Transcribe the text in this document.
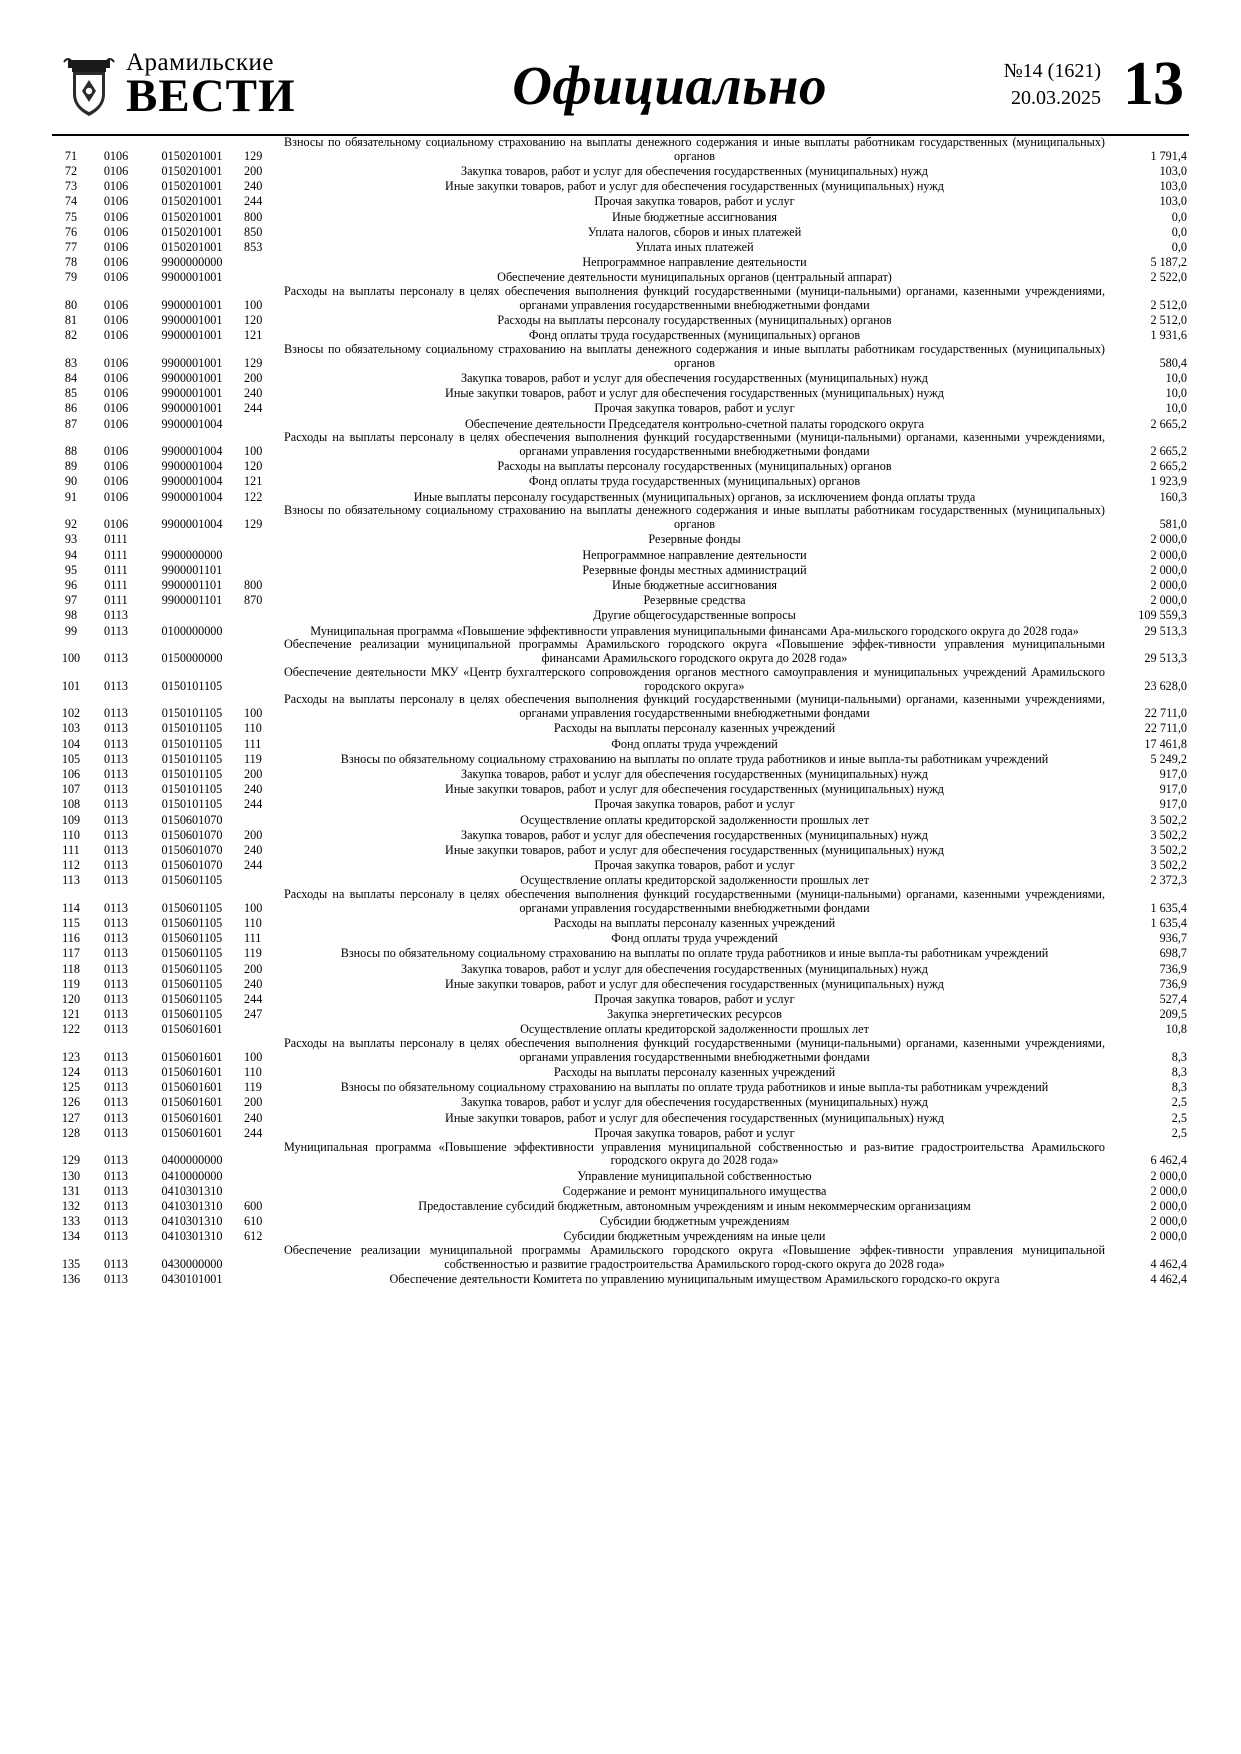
Арамильские
ВЕСТИ	Официально	№14 (1621)
20.03.2025 13
71	0106	0150201001	129	Взносы по обязательному социальному страхованию на выплаты денежного содержания и иные выплаты работникам государственных (муниципальных) органов	1 791,4
72	0106	0150201001	200	Закупка товаров, работ и услуг для обеспечения государственных (муниципальных) нужд	103,0
73	0106	0150201001	240	Иные закупки товаров, работ и услуг для обеспечения государственных (муниципальных) нужд	103,0
74	0106	0150201001	244	Прочая закупка товаров, работ и услуг	103,0
75	0106	0150201001	800	Иные бюджетные ассигнования	0,0
76	0106	0150201001	850	Уплата налогов, сборов и иных платежей	0,0
77	0106	0150201001	853	Уплата иных платежей	0,0
78	0106	9900000000		Непрограммное направление деятельности	5 187,2
79	0106	9900001001		Обеспечение деятельности муниципальных органов (центральный аппарат)	2 522,0
80	0106	9900001001	100	Расходы на выплаты персоналу в целях обеспечения выполнения функций государственными (муници-пальными) органами, казенными учреждениями, органами управления государственными внебюджетными фондами	2 512,0
81	0106	9900001001	120	Расходы на выплаты персоналу государственных (муниципальных) органов	2 512,0
82	0106	9900001001	121	Фонд оплаты труда государственных (муниципальных) органов	1 931,6
83	0106	9900001001	129	Взносы по обязательному социальному страхованию на выплаты денежного содержания и иные выплаты работникам государственных (муниципальных) органов	580,4
84	0106	9900001001	200	Закупка товаров, работ и услуг для обеспечения государственных (муниципальных) нужд	10,0
85	0106	9900001001	240	Иные закупки товаров, работ и услуг для обеспечения государственных (муниципальных) нужд	10,0
86	0106	9900001001	244	Прочая закупка товаров, работ и услуг	10,0
87	0106	9900001004		Обеспечение деятельности Председателя контрольно-счетной палаты городского округа	2 665,2
88	0106	9900001004	100	Расходы на выплаты персоналу в целях обеспечения выполнения функций государственными (муници-пальными) органами, казенными учреждениями, органами управления государственными внебюджетными фондами	2 665,2
89	0106	9900001004	120	Расходы на выплаты персоналу государственных (муниципальных) органов	2 665,2
90	0106	9900001004	121	Фонд оплаты труда государственных (муниципальных) органов	1 923,9
91	0106	9900001004	122	Иные выплаты персоналу государственных (муниципальных) органов, за исключением фонда оплаты труда	160,3
92	0106	9900001004	129	Взносы по обязательному социальному страхованию на выплаты денежного содержания и иные выплаты работникам государственных (муниципальных) органов	581,0
93	0111			Резервные фонды	2 000,0
94	0111	9900000000		Непрограммное направление деятельности	2 000,0
95	0111	9900001101		Резервные фонды местных администраций	2 000,0
96	0111	9900001101	800	Иные бюджетные ассигнования	2 000,0
97	0111	9900001101	870	Резервные средства	2 000,0
98	0113			Другие общегосударственные вопросы	109 559,3
99	0113	0100000000		Муниципальная программа «Повышение эффективности управления муниципальными финансами Ара-мильского городского округа до 2028 года»	29 513,3
100	0113	0150000000		Обеспечение реализации муниципальной программы Арамильского городского округа «Повышение эффек-тивности управления муниципальными финансами Арамильского городского округа до 2028 года»	29 513,3
101	0113	0150101105		Обеспечение деятельности МКУ «Центр бухгалтерского сопровождения органов местного самоуправления и муниципальных учреждений Арамильского городского округа»	23 628,0
102	0113	0150101105	100	Расходы на выплаты персоналу в целях обеспечения выполнения функций государственными (муници-пальными) органами, казенными учреждениями, органами управления государственными внебюджетными фондами	22 711,0
103	0113	0150101105	110	Расходы на выплаты персоналу казенных учреждений	22 711,0
104	0113	0150101105	111	Фонд оплаты труда учреждений	17 461,8
105	0113	0150101105	119	Взносы по обязательному социальному страхованию на выплаты по оплате труда работников и иные выпла-ты работникам учреждений	5 249,2
106	0113	0150101105	200	Закупка товаров, работ и услуг для обеспечения государственных (муниципальных) нужд	917,0
107	0113	0150101105	240	Иные закупки товаров, работ и услуг для обеспечения государственных (муниципальных) нужд	917,0
108	0113	0150101105	244	Прочая закупка товаров, работ и услуг	917,0
109	0113	0150601070		Осуществление оплаты кредиторской задолженности прошлых лет	3 502,2
110	0113	0150601070	200	Закупка товаров, работ и услуг для обеспечения государственных (муниципальных) нужд	3 502,2
111	0113	0150601070	240	Иные закупки товаров, работ и услуг для обеспечения государственных (муниципальных) нужд	3 502,2
112	0113	0150601070	244	Прочая закупка товаров, работ и услуг	3 502,2
113	0113	0150601105		Осуществление оплаты кредиторской задолженности прошлых лет	2 372,3
114	0113	0150601105	100	Расходы на выплаты персоналу в целях обеспечения выполнения функций государственными (муници-пальными) органами, казенными учреждениями, органами управления государственными внебюджетными фондами	1 635,4
115	0113	0150601105	110	Расходы на выплаты персоналу казенных учреждений	1 635,4
116	0113	0150601105	111	Фонд оплаты труда учреждений	936,7
117	0113	0150601105	119	Взносы по обязательному социальному страхованию на выплаты по оплате труда работников и иные выпла-ты работникам учреждений	698,7
118	0113	0150601105	200	Закупка товаров, работ и услуг для обеспечения государственных (муниципальных) нужд	736,9
119	0113	0150601105	240	Иные закупки товаров, работ и услуг для обеспечения государственных (муниципальных) нужд	736,9
120	0113	0150601105	244	Прочая закупка товаров, работ и услуг	527,4
121	0113	0150601105	247	Закупка энергетических ресурсов	209,5
122	0113	0150601601		Осуществление оплаты кредиторской задолженности прошлых лет	10,8
123	0113	0150601601	100	Расходы на выплаты персоналу в целях обеспечения выполнения функций государственными (муници-пальными) органами, казенными учреждениями, органами управления государственными внебюджетными фондами	8,3
124	0113	0150601601	110	Расходы на выплаты персоналу казенных учреждений	8,3
125	0113	0150601601	119	Взносы по обязательному социальному страхованию на выплаты по оплате труда работников и иные выпла-ты работникам учреждений	8,3
126	0113	0150601601	200	Закупка товаров, работ и услуг для обеспечения государственных (муниципальных) нужд	2,5
127	0113	0150601601	240	Иные закупки товаров, работ и услуг для обеспечения государственных (муниципальных) нужд	2,5
128	0113	0150601601	244	Прочая закупка товаров, работ и услуг	2,5
129	0113	0400000000		Муниципальная программа «Повышение эффективности управления муниципальной собственностью и раз-витие градостроительства Арамильского городского округа до 2028 года»	6 462,4
130	0113	0410000000		Управление муниципальной собственностью	2 000,0
131	0113	0410301310		Содержание и ремонт муниципального имущества	2 000,0
132	0113	0410301310	600	Предоставление субсидий бюджетным, автономным учреждениям и иным некоммерческим организациям	2 000,0
133	0113	0410301310	610	Субсидии бюджетным учреждениям	2 000,0
134	0113	0410301310	612	Субсидии бюджетным учреждениям на иные цели	2 000,0
135	0113	0430000000		Обеспечение реализации муниципальной программы Арамильского городского округа «Повышение эффек-тивности управления муниципальной собственностью и развитие градостроительства Арамильского город-ского округа до 2028 года»	4 462,4
136	0113	0430101001		Обеспечение деятельности Комитета по управлению муниципальным имуществом Арамильского городско-го округа	4 462,4
